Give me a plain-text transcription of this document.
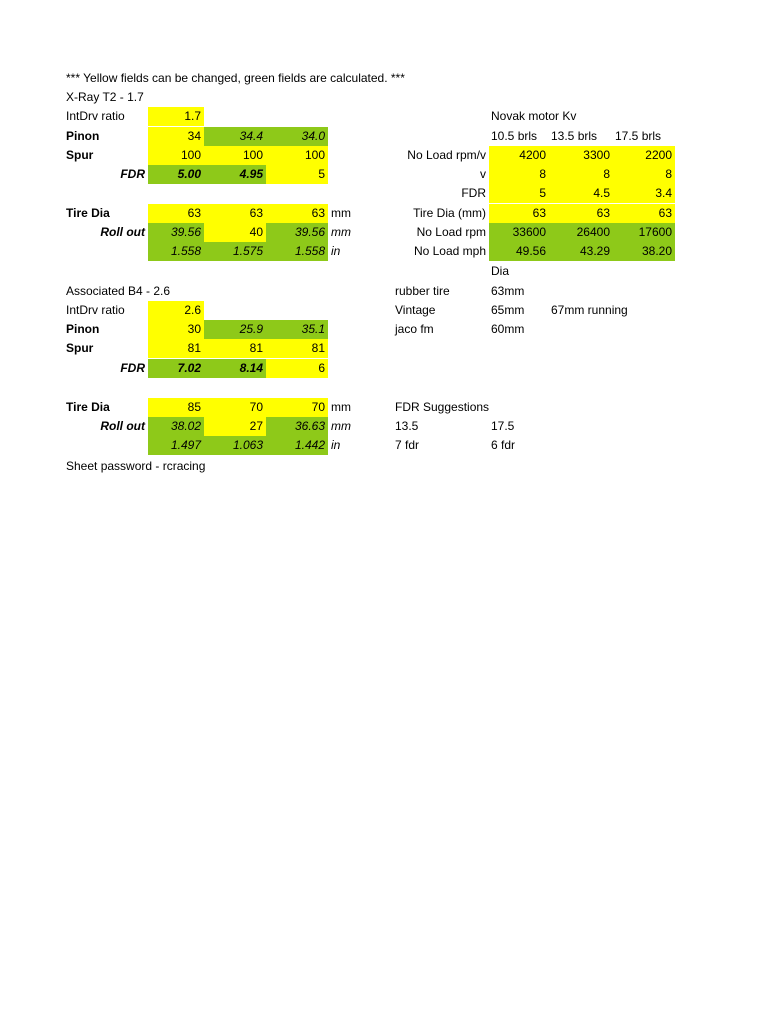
*** Yellow fields can be changed, green fields are calculated. ***
X-Ray T2 - 1.7
IntDrv ratio	1.7
Pinon	34	34.4	34.0
Spur	100	100	100
FDR	5.00	4.95	5
Tire Dia	63	63	63 mm
Roll out	39.56	40	39.56 mm
1.558	1.575	1.558 in
Associated B4 - 2.6
IntDrv ratio	2.6
Pinon	30	25.9	35.1
Spur	81	81	81
FDR	7.02	8.14	6
Tire Dia	85	70	70 mm
Roll out	38.02	27	36.63 mm
1.497	1.063	1.442 in
Sheet password - rcracing
Novak motor Kv
10.5 brls	13.5 brls	17.5 brls
No Load rpm/v	4200	3300	2200
v	8	8	8
FDR	5	4.5	3.4
Tire Dia (mm)	63	63	63
No Load rpm	33600	26400	17600
No Load mph	49.56	43.29	38.20
Dia
rubber tire	63mm
Vintage	65mm	67mm running
jaco fm	60mm
FDR Suggestions
13.5	17.5
7 fdr	6 fdr
